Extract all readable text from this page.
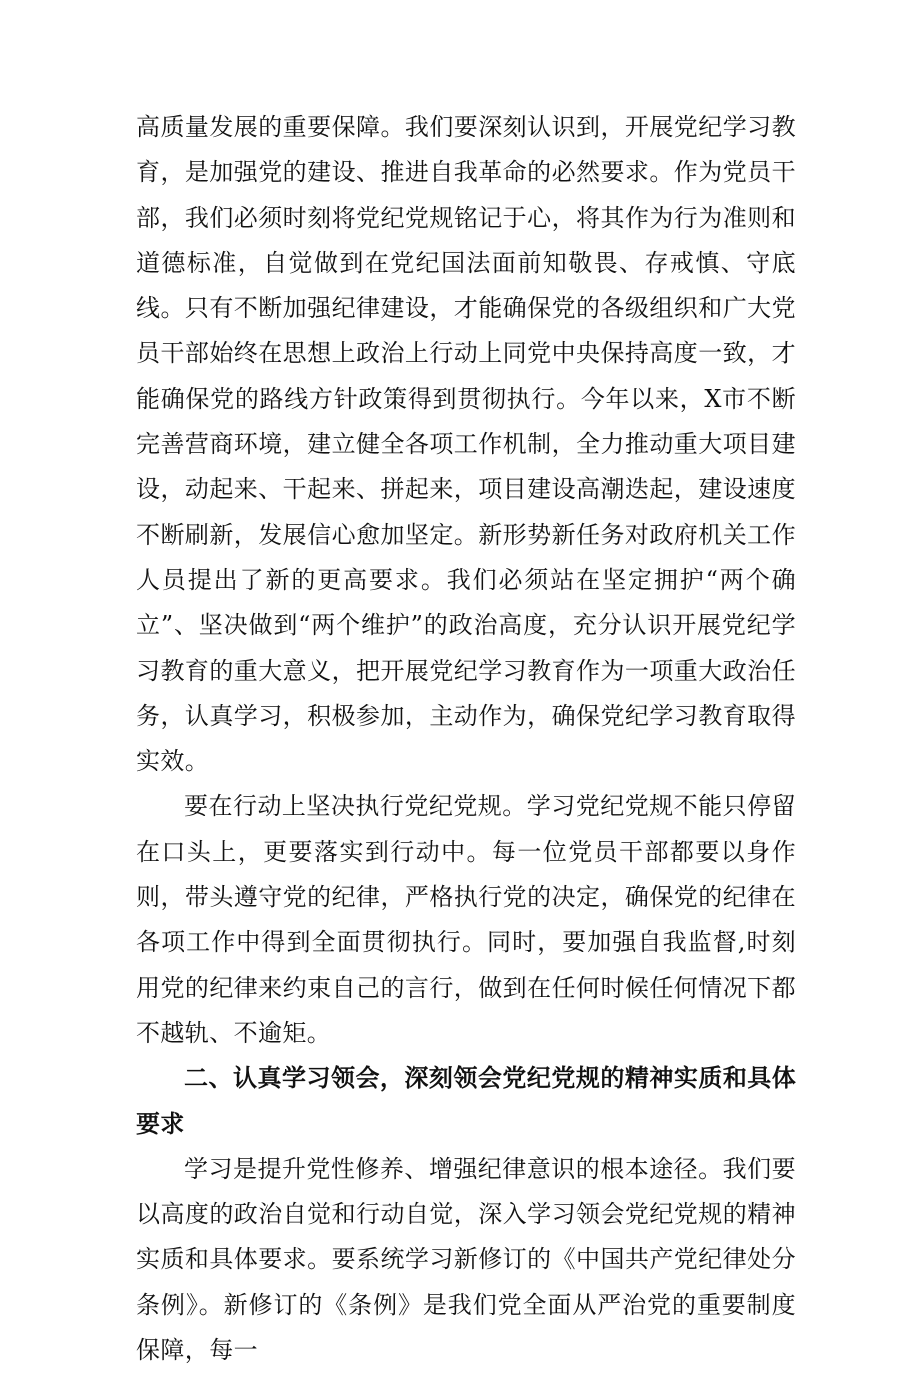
高质量发展的重要保障。我们要深刻认识到，开展党纪学习教育，是加强党的建设、推进自我革命的必然要求。作为党员干部，我们必须时刻将党纪党规铭记于心，将其作为行为准则和道德标准，自觉做到在党纪国法面前知敬畏、存戒慎、守底线。只有不断加强纪律建设，才能确保党的各级组织和广大党员干部始终在思想上政治上行动上同党中央保持高度一致，才能确保党的路线方针政策得到贯彻执行。今年以来，X市不断完善营商环境，建立健全各项工作机制，全力推动重大项目建设，动起来、干起来、拼起来，项目建设高潮迭起，建设速度不断刷新，发展信心愈加坚定。新形势新任务对政府机关工作人员提出了新的更高要求。我们必须站在坚定拥护“两个确立”、坚决做到“两个维护”的政治高度，充分认识开展党纪学习教育的重大意义，把开展党纪学习教育作为一项重大政治任务，认真学习，积极参加，主动作为，确保党纪学习教育取得实效。

要在行动上坚决执行党纪党规。学习党纪党规不能只停留在口头上，更要落实到行动中。每一位党员干部都要以身作则，带头遵守党的纪律，严格执行党的决定，确保党的纪律在各项工作中得到全面贯彻执行。同时，要加强自我监督,时刻用党的纪律来约束自己的言行，做到在任何时候任何情况下都不越轨、不逾矩。

二、认真学习领会，深刻领会党纪党规的精神实质和具体要求

学习是提升党性修养、增强纪律意识的根本途径。我们要以高度的政治自觉和行动自觉，深入学习领会党纪党规的精神实质和具体要求。要系统学习新修订的《中国共产党纪律处分条例》。新修订的《条例》是我们党全面从严治党的重要制度保障，每一
